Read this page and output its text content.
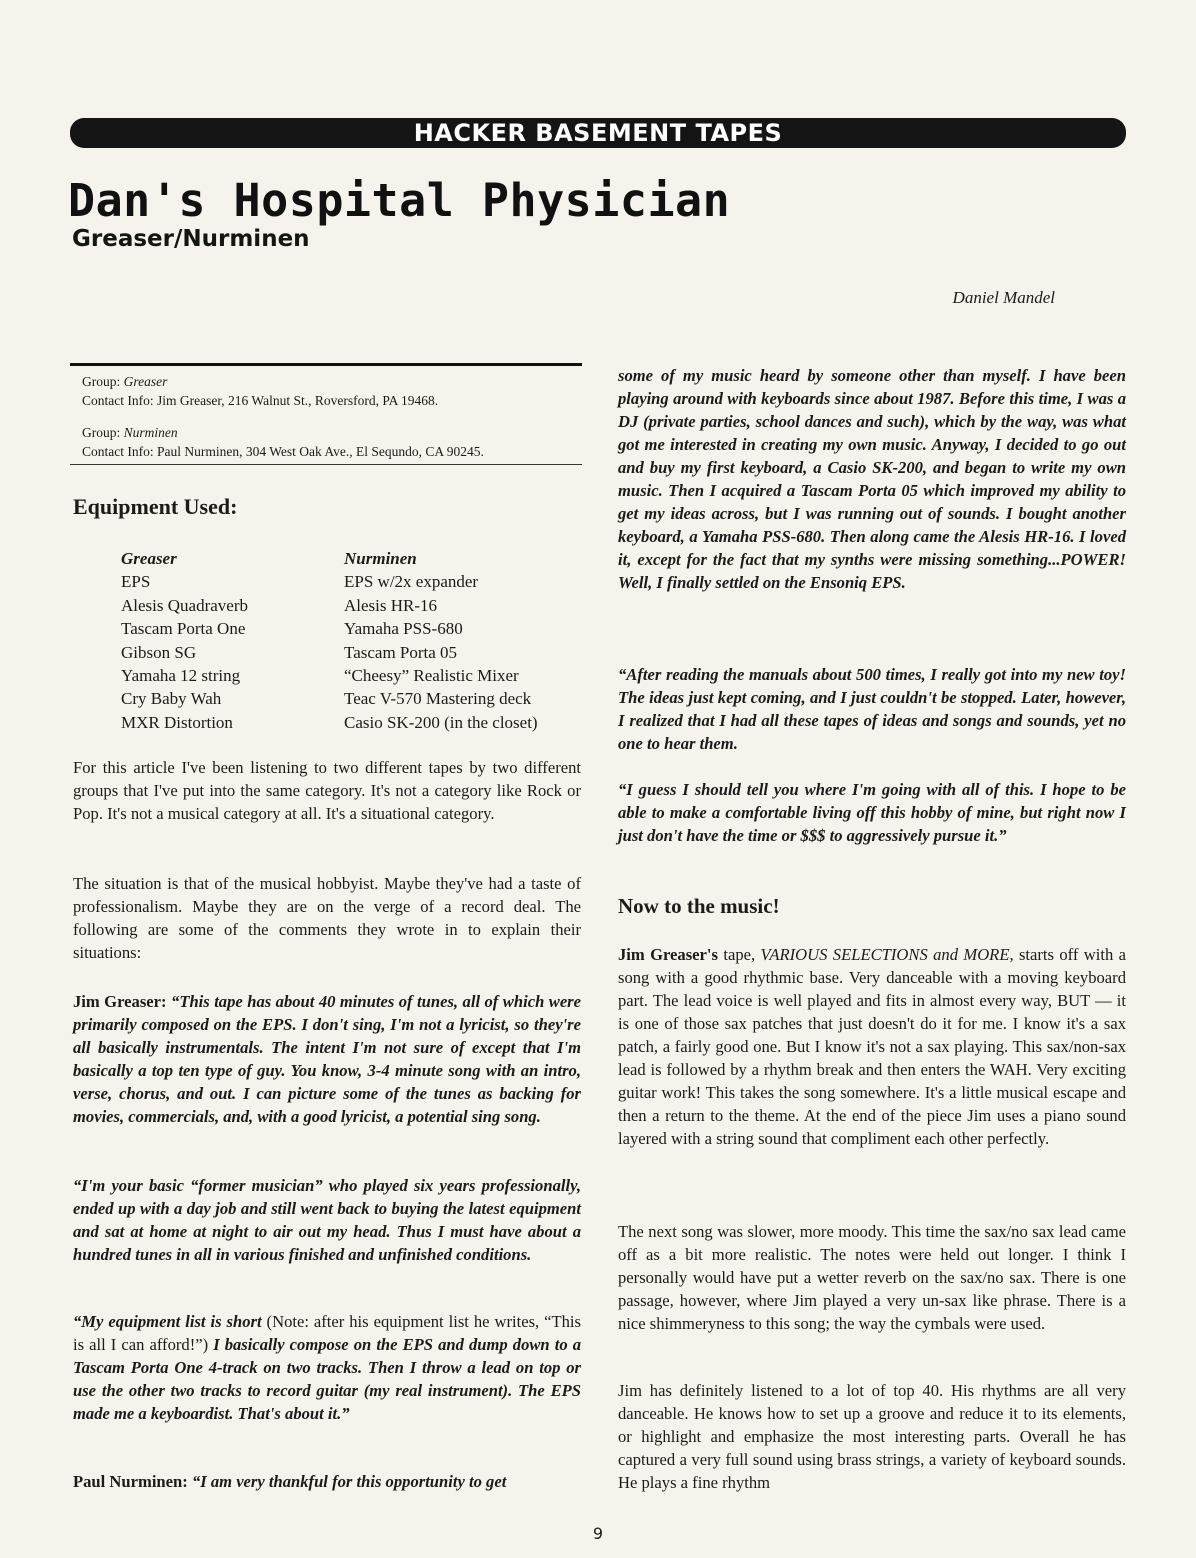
HACKER BASEMENT TAPES
Dan's Hospital Physician
Greaser/Nurminen
Daniel Mandel
Group: Greaser
Contact Info: Jim Greaser, 216 Walnut St., Roversford, PA 19468.
Group: Nurminen
Contact Info: Paul Nurminen, 304 West Oak Ave., El Sequndo, CA 90245.
Equipment Used:
Greaser
EPS
Alesis Quadraverb
Tascam Porta One
Gibson SG
Yamaha 12 string
Cry Baby Wah
MXR Distortion
Nurminen
EPS w/2x expander
Alesis HR-16
Yamaha PSS-680
Tascam Porta 05
“Cheesy” Realistic Mixer
Teac V-570 Mastering deck
Casio SK-200 (in the closet)

For this article I've been listening to two different tapes by two different groups that I've put into the same category. It's not a category like Rock or Pop. It's not a musical category at all. It's a situational category.

The situation is that of the musical hobbyist. Maybe they've had a taste of professionalism. Maybe they are on the verge of a record deal. The following are some of the comments they wrote in to explain their situations:

Jim Greaser: “This tape has about 40 minutes of tunes, all of which were primarily composed on the EPS. I don't sing, I'm not a lyricist, so they're all basically instrumentals. The intent I'm not sure of except that I'm basically a top ten type of guy. You know, 3-4 minute song with an intro, verse, chorus, and out. I can picture some of the tunes as backing for movies, commercials, and, with a good lyricist, a potential sing song.

“I'm your basic “former musician” who played six years professionally, ended up with a day job and still went back to buying the latest equipment and sat at home at night to air out my head. Thus I must have about a hundred tunes in all in various finished and unfinished conditions.

“My equipment list is short (Note: after his equipment list he writes, “This is all I can afford!”) I basically compose on the EPS and dump down to a Tascam Porta One 4-track on two tracks. Then I throw a lead on top or use the other two tracks to record guitar (my real instrument). The EPS made me a keyboardist. That's about it.”

Paul Nurminen: “I am very thankful for this opportunity to get

some of my music heard by someone other than myself. I have been playing around with keyboards since about 1987. Before this time, I was a DJ (private parties, school dances and such), which by the way, was what got me interested in creating my own music. Anyway, I decided to go out and buy my first keyboard, a Casio SK-200, and began to write my own music. Then I acquired a Tascam Porta 05 which improved my ability to get my ideas across, but I was running out of sounds. I bought another keyboard, a Yamaha PSS-680. Then along came the Alesis HR-16. I loved it, except for the fact that my synths were missing something...POWER! Well, I finally settled on the Ensoniq EPS.

“After reading the manuals about 500 times, I really got into my new toy! The ideas just kept coming, and I just couldn't be stopped. Later, however, I realized that I had all these tapes of ideas and songs and sounds, yet no one to hear them.

“I guess I should tell you where I'm going with all of this. I hope to be able to make a comfortable living off this hobby of mine, but right now I just don't have the time or $$$ to aggressively pursue it.”

Now to the music!

Jim Greaser's tape, VARIOUS SELECTIONS and MORE, starts off with a song with a good rhythmic base. Very danceable with a moving keyboard part. The lead voice is well played and fits in almost every way, BUT — it is one of those sax patches that just doesn't do it for me. I know it's a sax patch, a fairly good one. But I know it's not a sax playing. This sax/non-sax lead is followed by a rhythm break and then enters the WAH. Very exciting guitar work! This takes the song somewhere. It's a little musical escape and then a return to the theme. At the end of the piece Jim uses a piano sound layered with a string sound that compliment each other perfectly.

The next song was slower, more moody. This time the sax/no sax lead came off as a bit more realistic. The notes were held out longer. I think I personally would have put a wetter reverb on the sax/no sax. There is one passage, however, where Jim played a very un-sax like phrase. There is a nice shimmeryness to this song; the way the cymbals were used.

Jim has definitely listened to a lot of top 40. His rhythms are all very danceable. He knows how to set up a groove and reduce it to its elements, or highlight and emphasize the most interesting parts. Overall he has captured a very full sound using brass strings, a variety of keyboard sounds. He plays a fine rhythm

9
